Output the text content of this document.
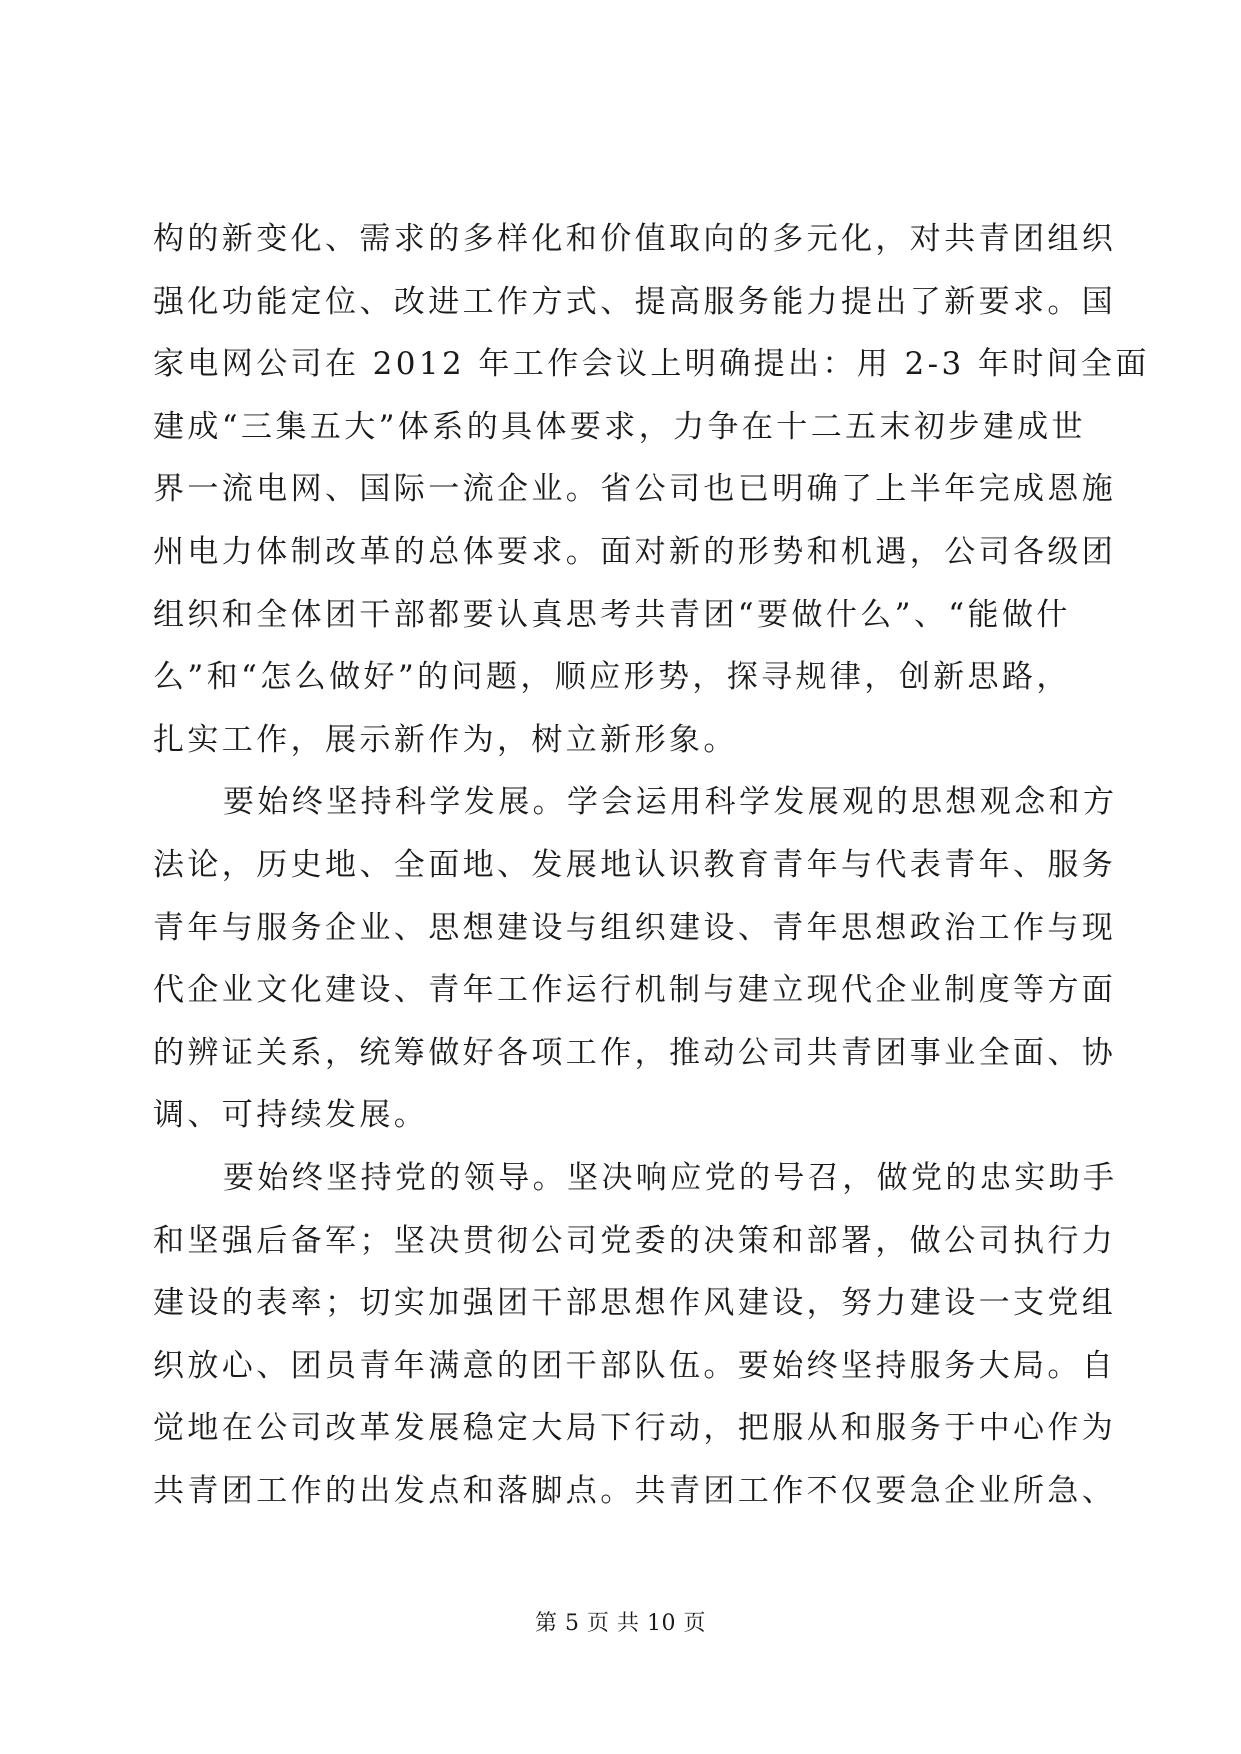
构的新变化、需求的多样化和价值取向的多元化，对共青团组织
强化功能定位、改进工作方式、提高服务能力提出了新要求。国
家电网公司在 2012 年工作会议上明确提出：用 2-3 年时间全面
建成“三集五大”体系的具体要求，力争在十二五末初步建成世
界一流电网、国际一流企业。省公司也已明确了上半年完成恩施
州电力体制改革的总体要求。面对新的形势和机遇，公司各级团
组织和全体团干部都要认真思考共青团“要做什么”、“能做什
么”和“怎么做好”的问题，顺应形势，探寻规律，创新思路，
扎实工作，展示新作为，树立新形象。
要始终坚持科学发展。学会运用科学发展观的思想观念和方
法论，历史地、全面地、发展地认识教育青年与代表青年、服务
青年与服务企业、思想建设与组织建设、青年思想政治工作与现
代企业文化建设、青年工作运行机制与建立现代企业制度等方面
的辨证关系，统筹做好各项工作，推动公司共青团事业全面、协
调、可持续发展。
要始终坚持党的领导。坚决响应党的号召，做党的忠实助手
和坚强后备军；坚决贯彻公司党委的决策和部署，做公司执行力
建设的表率；切实加强团干部思想作风建设，努力建设一支党组
织放心、团员青年满意的团干部队伍。要始终坚持服务大局。自
觉地在公司改革发展稳定大局下行动，把服从和服务于中心作为
共青团工作的出发点和落脚点。共青团工作不仅要急企业所急、
第 5 页 共 10 页
